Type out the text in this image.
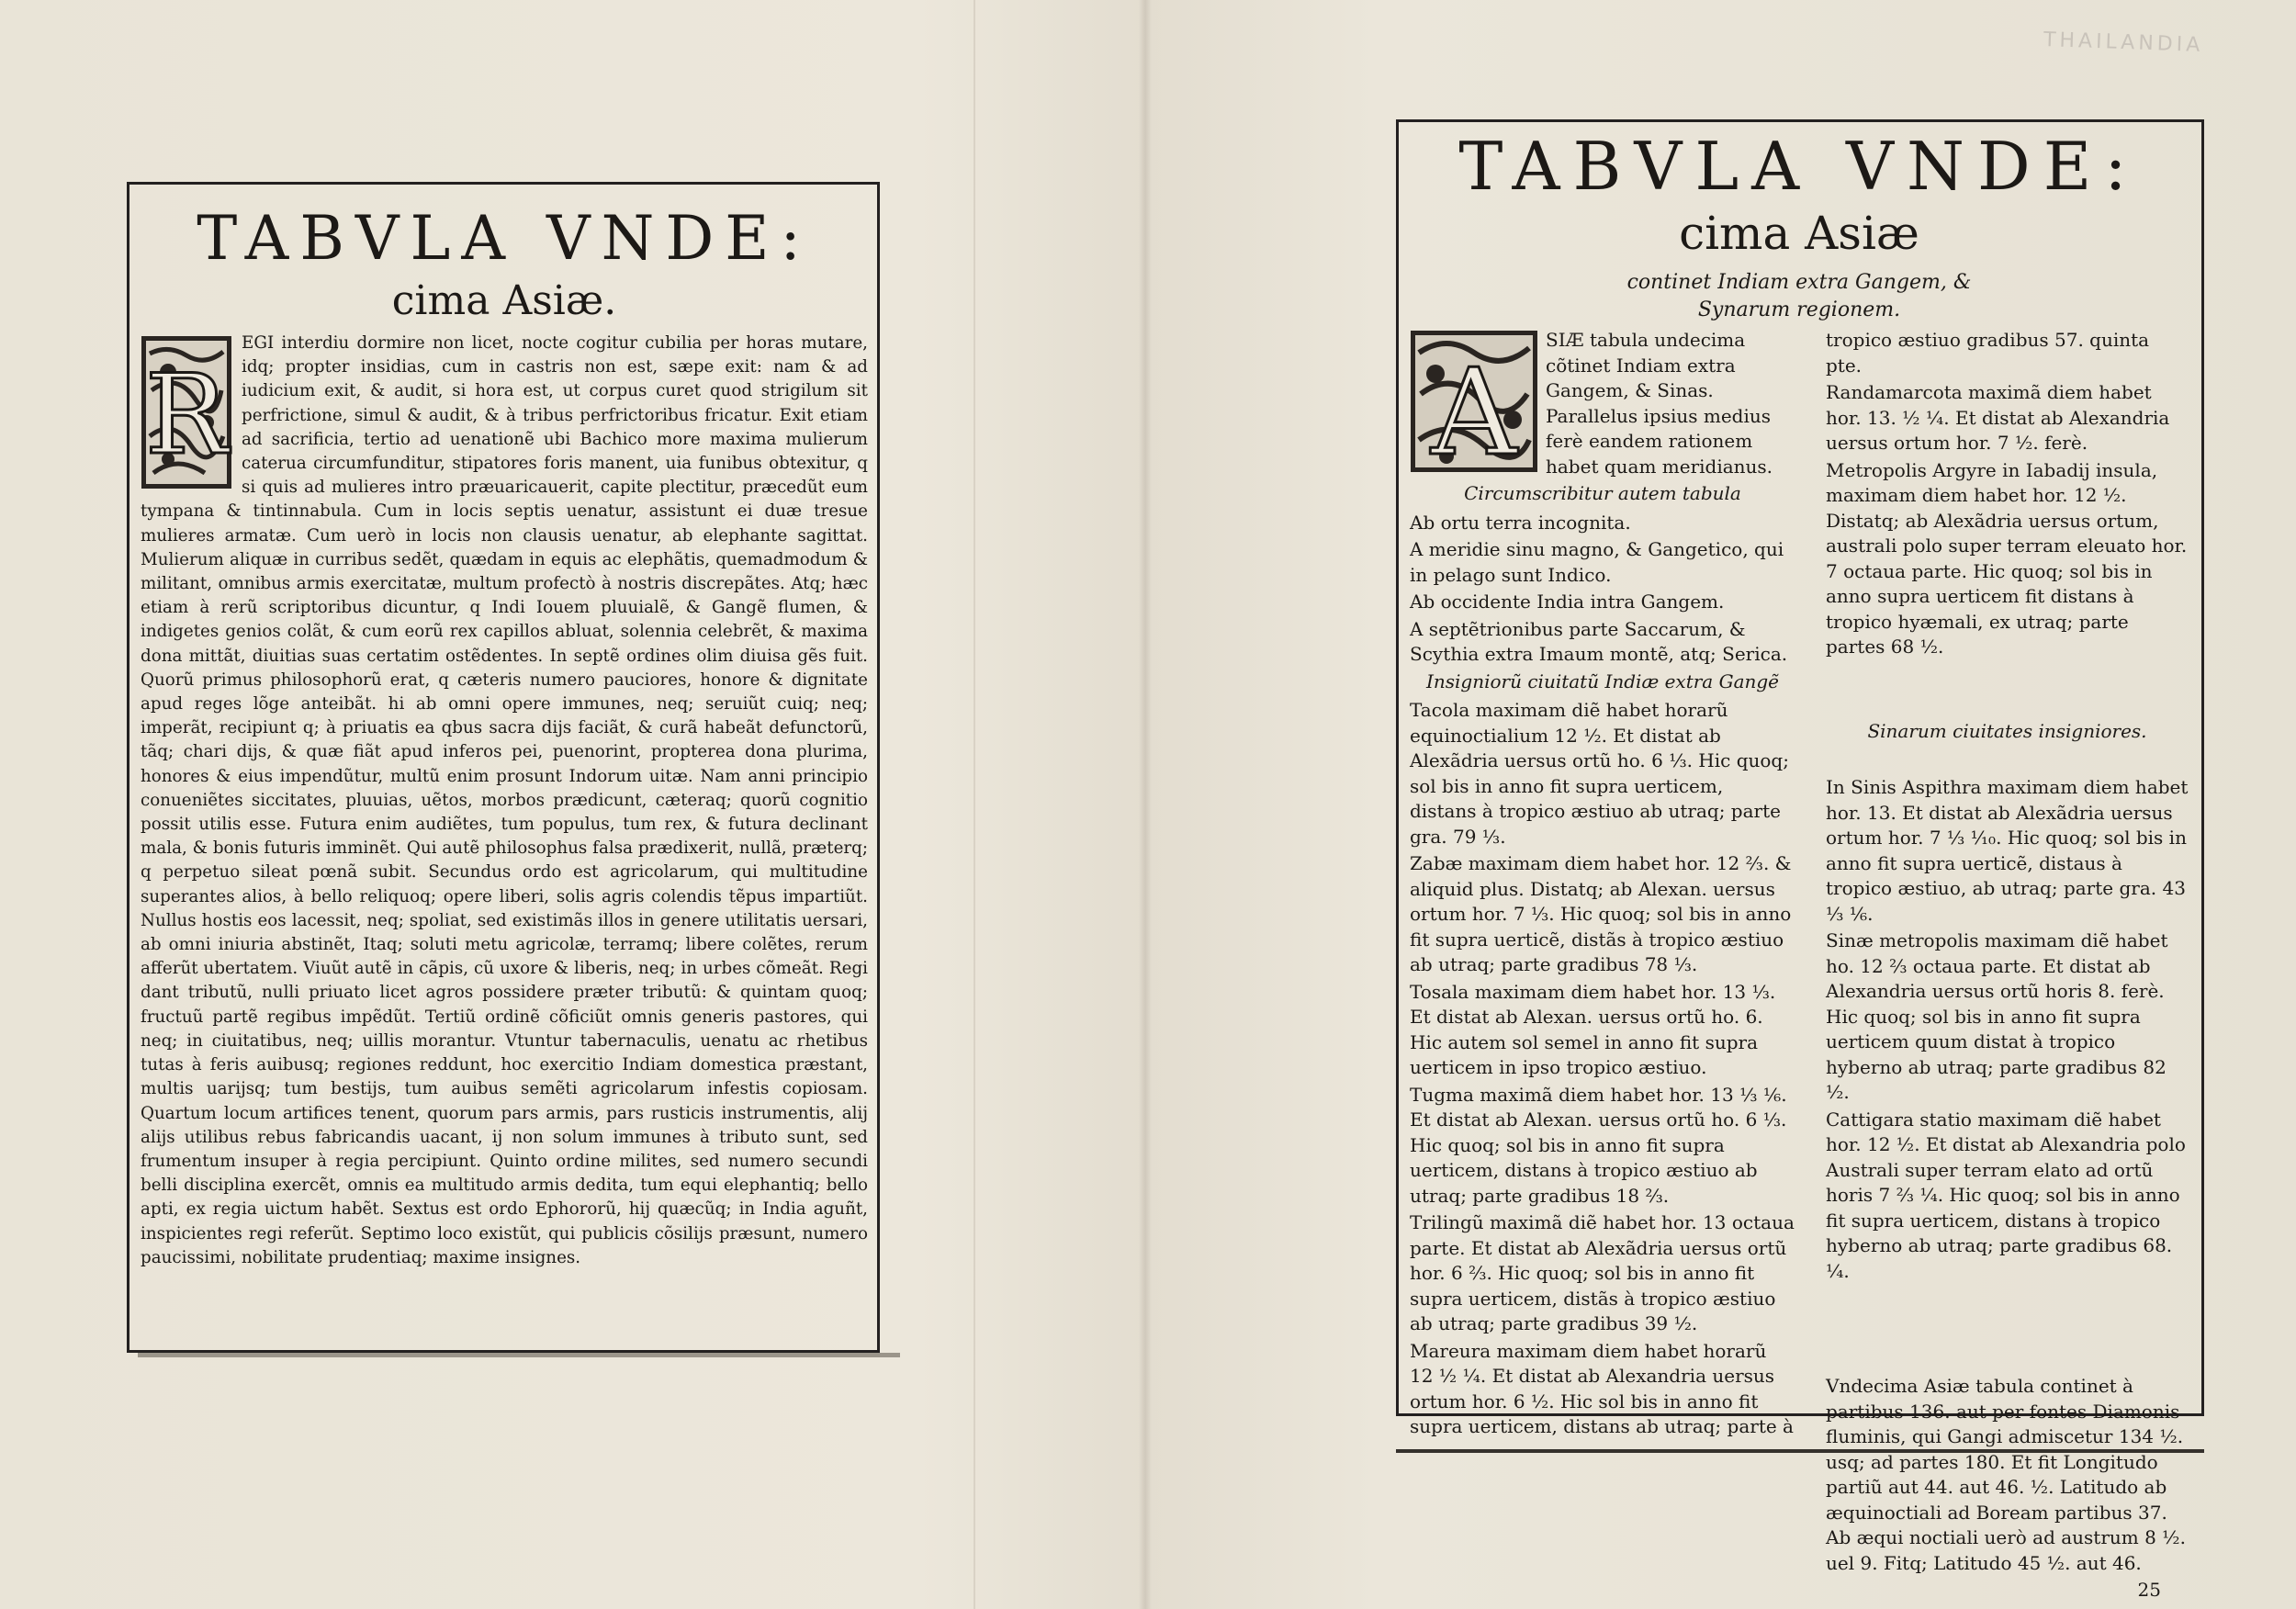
THAILANDIA
TABVLA VNDE:
cima Asiæ.
R
EGI interdiu dormire non licet, nocte cogitur cubilia per horas mutare, idq; propter insidias, cum in castris non est, sæpe exit: nam & ad iudicium exit, & audit, si hora est, ut corpus curet quod strigilum sit perfrictione, simul & audit, & à tribus perfrictoribus fricatur. Exit etiam ad sacrificia, tertio ad uenationẽ ubi Bachico more maxima mulierum caterua circumfunditur, stipatores foris manent, uia funibus obtexitur, q si quis ad mulieres intro præuaricauerit, capite plectitur, præcedũt eum tympana & tintinnabula. Cum in locis septis uenatur, assistunt ei duæ tresue mulieres armatæ. Cum uerò in locis non clausis uenatur, ab elephante sagittat. Mulierum aliquæ in curribus sedẽt, quædam in equis ac elephãtis, quemadmodum & militant, omnibus armis exercitatæ, multum profectò à nostris discrepãtes. Atq; hæc etiam à rerũ scriptoribus dicuntur, q Indi Iouem pluuialẽ, & Gangẽ flumen, & indigetes genios colãt, & cum eorũ rex capillos abluat, solennia celebrẽt, & maxima dona mittãt, diuitias suas certatim ostẽdentes. In septẽ ordines olim diuisa gẽs fuit. Quorũ primus philosophorũ erat, q cæteris numero pauciores, honore & dignitate apud reges lõge anteibãt. hi ab omni opere immunes, neq; seruiũt cuiq; neq; imperãt, recipiunt q; à priuatis ea qbus sacra dijs faciãt, & curã habeãt defunctorũ, tãq; chari dijs, & quæ fiãt apud inferos pei, puenorint, propterea dona plurima, honores & eius impendũtur, multũ enim prosunt Indorum uitæ. Nam anni principio conueniẽtes siccitates, pluuias, uẽtos, morbos prædicunt, cæteraq; quorũ cognitio possit utilis esse. Futura enim audiẽtes, tum populus, tum rex, & futura declinant mala, & bonis futuris imminẽt. Qui autẽ philosophus falsa prædixerit, nullã, præterq; q perpetuo sileat pœnã subit. Secundus ordo est agricolarum, qui multitudine superantes alios, à bello reliquoq; opere liberi, solis agris colendis tẽpus impartiũt. Nullus hostis eos lacessit, neq; spoliat, sed existimãs illos in genere utilitatis uersari, ab omni iniuria abstinẽt, Itaq; soluti metu agricolæ, terramq; libere colẽtes, rerum afferũt ubertatem. Viuũt autẽ in cãpis, cũ uxore & liberis, neq; in urbes cõmeãt. Regi dant tributũ, nulli priuato licet agros possidere præter tributũ: & quintam quoq; fructuũ partẽ regibus impẽdũt. Tertiũ ordinẽ cõficiũt omnis generis pastores, qui neq; in ciuitatibus, neq; uillis morantur. Vtuntur tabernaculis, uenatu ac rhetibus tutas à feris auibusq; regiones reddunt, hoc exercitio Indiam domestica præstant, multis uarijsq; tum bestijs, tum auibus semẽti agricolarum infestis copiosam. Quartum locum artifices tenent, quorum pars armis, pars rusticis instrumentis, alij alijs utilibus rebus fabricandis uacant, ij non solum immunes à tributo sunt, sed frumentum insuper à regia percipiunt. Quinto ordine milites, sed numero secundi belli disciplina exercẽt, omnis ea multitudo armis dedita, tum equi elephantiq; bello apti, ex regia uictum habẽt. Sextus est ordo Ephororũ, hij quæcũq; in India aguñt, inspicientes regi referũt. Septimo loco existũt, qui publicis cõsilijs præsunt, numero paucissimi, nobilitate prudentiaq; maxime insignes.
TABVLA VNDE:
cima Asiæ
continet Indiam extra Gangem, &
Synarum regionem.

A
SIÆ tabula undecima cõtinet Indiam extra Gangem, & Sinas. Parallelus ipsius medius ferè eandem rationem habet quam meridianus.

Circumscribitur autem tabula

Ab ortu terra incognita.

A meridie sinu magno, & Gangetico, qui in pelago sunt Indico.

Ab occidente India intra Gangem.

A septẽtrionibus parte Saccarum, & Scythia extra Imaum montẽ, atq; Serica.

Insigniorũ ciuitatũ Indiæ extra Gangẽ

Tacola maximam diẽ habet horarũ equinoctialium 12 ½. Et distat ab Alexãdria uersus ortũ ho. 6 ⅓. Hic quoq; sol bis in anno fit supra uerticem, distans à tropico æstiuo ab utraq; parte gra. 79 ⅓.

Zabæ maximam diem habet hor. 12 ⅔. & aliquid plus. Distatq; ab Alexan. uersus ortum hor. 7 ⅓. Hic quoq; sol bis in anno fit supra uerticẽ, distãs à tropico æstiuo ab utraq; parte gradibus 78 ⅓.

Tosala maximam diem habet hor. 13 ⅓. Et distat ab Alexan. uersus ortũ ho. 6. Hic autem sol semel in anno fit supra uerticem in ipso tropico æstiuo.

Tugma maximã diem habet hor. 13 ⅓ ⅙. Et distat ab Alexan. uersus ortũ ho. 6 ⅓. Hic quoq; sol bis in anno fit supra uerticem, distans à tropico æstiuo ab utraq; parte gradibus 18 ⅔.

Trilingũ maximã diẽ habet hor. 13 octaua parte. Et distat ab Alexãdria uersus ortũ hor. 6 ⅔. Hic quoq; sol bis in anno fit supra uerticem, distãs à tropico æstiuo ab utraq; parte gradibus 39 ½.

Mareura maximam diem habet horarũ 12 ½ ¼. Et distat ab Alexandria uersus ortum hor. 6 ½. Hic sol bis in anno fit supra uerticem, distans ab utraq; parte à

tropico æstiuo gradibus 57. quinta pte.

Randamarcota maximã diem habet hor. 13. ½ ¼. Et distat ab Alexandria uersus ortum hor. 7 ½. ferè.

Metropolis Argyre in Iabadij insula, maximam diem habet hor. 12 ½. Distatq; ab Alexãdria uersus ortum, australi polo super terram eleuato hor. 7 octaua parte. Hic quoq; sol bis in anno supra uerticem fit distans à tropico hyæmali, ex utraq; parte partes 68 ½.

Sinarum ciuitates insigniores.

In Sinis Aspithra maximam diem habet hor. 13. Et distat ab Alexãdria uersus ortum hor. 7 ⅓ ⅒. Hic quoq; sol bis in anno fit supra uerticẽ, distaus à tropico æstiuo, ab utraq; parte gra. 43 ⅓ ⅙.

Sinæ metropolis maximam diẽ habet ho. 12 ⅔ octaua parte. Et distat ab Alexandria uersus ortũ horis 8. ferè. Hic quoq; sol bis in anno fit supra uerticem quum distat à tropico hyberno ab utraq; parte gradibus 82 ½.

Cattigara statio maximam diẽ habet hor. 12 ½. Et distat ab Alexandria polo Australi super terram elato ad ortũ horis 7 ⅔ ¼. Hic quoq; sol bis in anno fit supra uerticem, distans à tropico hyberno ab utraq; parte gradibus 68. ¼.

Vndecima Asiæ tabula continet à partibus 136. aut per fontes Diamonis fluminis, qui Gangi admiscetur 134 ½. usq; ad partes 180. Et fit Longitudo partiũ aut 44. aut 46. ½. Latitudo ab æquinoctiali ad Boream partibus 37. Ab æqui noctiali uerò ad austrum 8 ½. uel 9. Fitq; Latitudo 45 ½. aut 46.

25
